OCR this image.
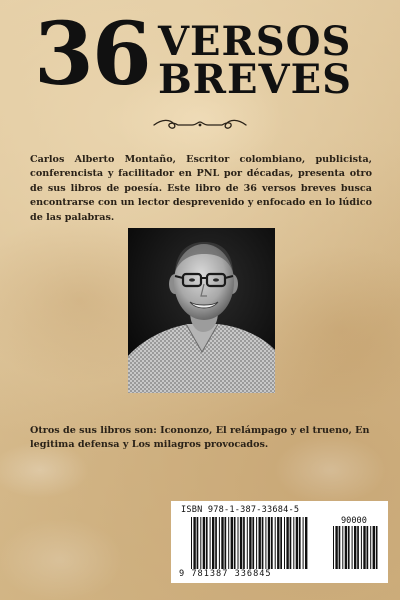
36 VERSOS
BREVES

Carlos Alberto Montaño, Escritor colombiano, publicista, conferencista y facilitador en PNL por décadas, presenta otro de sus libros de poesía. Este libro de 36 versos breves busca encontrarse con un lector desprevenido y enfocado en lo lúdico de las palabras.

Otros de sus libros son: Icononzo, El relámpago y el trueno, En legitima defensa y Los milagros provocados.

ISBN 978-1-387-33684-5
90000
9 781387 336845
